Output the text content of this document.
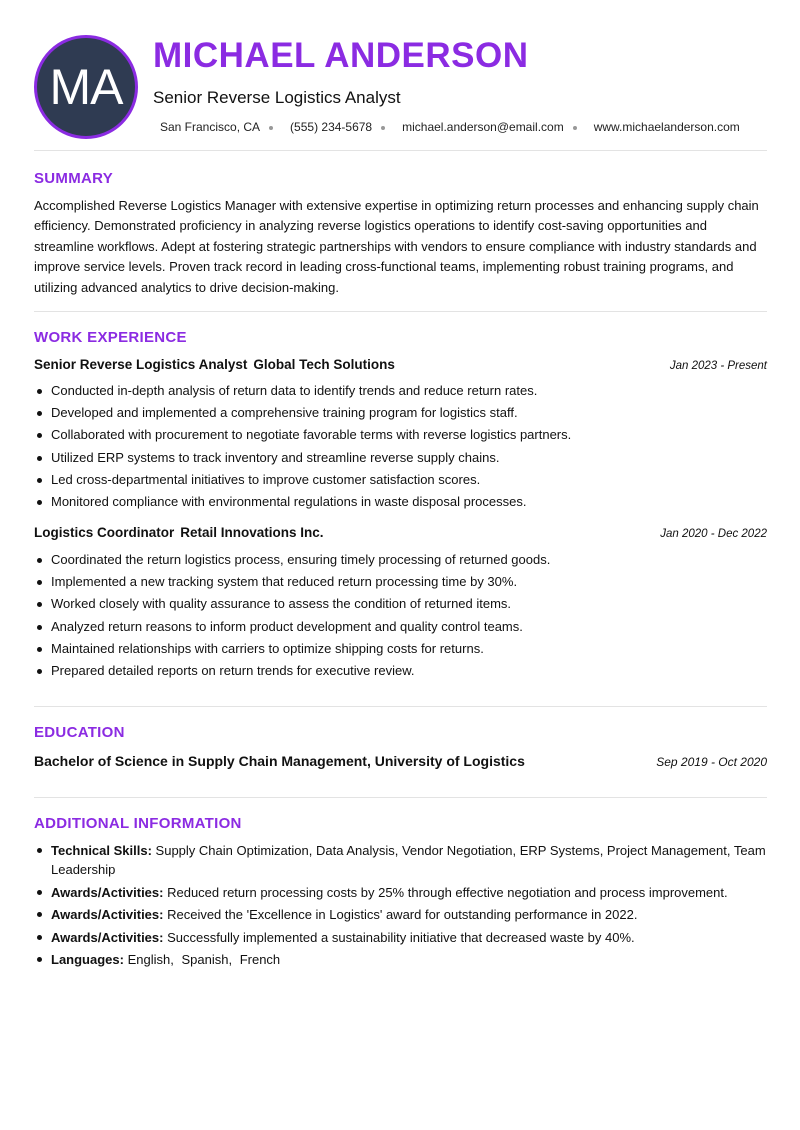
MA
MICHAEL ANDERSON
Senior Reverse Logistics Analyst
San Francisco, CA	(555) 234-5678	michael.anderson@email.com	www.michaelanderson.com
SUMMARY
Accomplished Reverse Logistics Manager with extensive expertise in optimizing return processes and enhancing supply chain efficiency. Demonstrated proficiency in analyzing reverse logistics operations to identify cost-saving opportunities and streamline workflows. Adept at fostering strategic partnerships with vendors to ensure compliance with industry standards and improve service levels. Proven track record in leading cross-functional teams, implementing robust training programs, and utilizing advanced analytics to drive decision-making.
WORK EXPERIENCE
Senior Reverse Logistics Analyst Global Tech Solutions	Jan 2023 - Present
Conducted in-depth analysis of return data to identify trends and reduce return rates.
Developed and implemented a comprehensive training program for logistics staff.
Collaborated with procurement to negotiate favorable terms with reverse logistics partners.
Utilized ERP systems to track inventory and streamline reverse supply chains.
Led cross-departmental initiatives to improve customer satisfaction scores.
Monitored compliance with environmental regulations in waste disposal processes.
Logistics Coordinator Retail Innovations Inc.	Jan 2020 - Dec 2022
Coordinated the return logistics process, ensuring timely processing of returned goods.
Implemented a new tracking system that reduced return processing time by 30%.
Worked closely with quality assurance to assess the condition of returned items.
Analyzed return reasons to inform product development and quality control teams.
Maintained relationships with carriers to optimize shipping costs for returns.
Prepared detailed reports on return trends for executive review.
EDUCATION
Bachelor of Science in Supply Chain Management, University of Logistics	Sep 2019 - Oct 2020
ADDITIONAL INFORMATION
Technical Skills: Supply Chain Optimization, Data Analysis, Vendor Negotiation, ERP Systems, Project Management, Team Leadership
Awards/Activities: Reduced return processing costs by 25% through effective negotiation and process improvement.
Awards/Activities: Received the 'Excellence in Logistics' award for outstanding performance in 2022.
Awards/Activities: Successfully implemented a sustainability initiative that decreased waste by 40%.
Languages: English, Spanish, French
